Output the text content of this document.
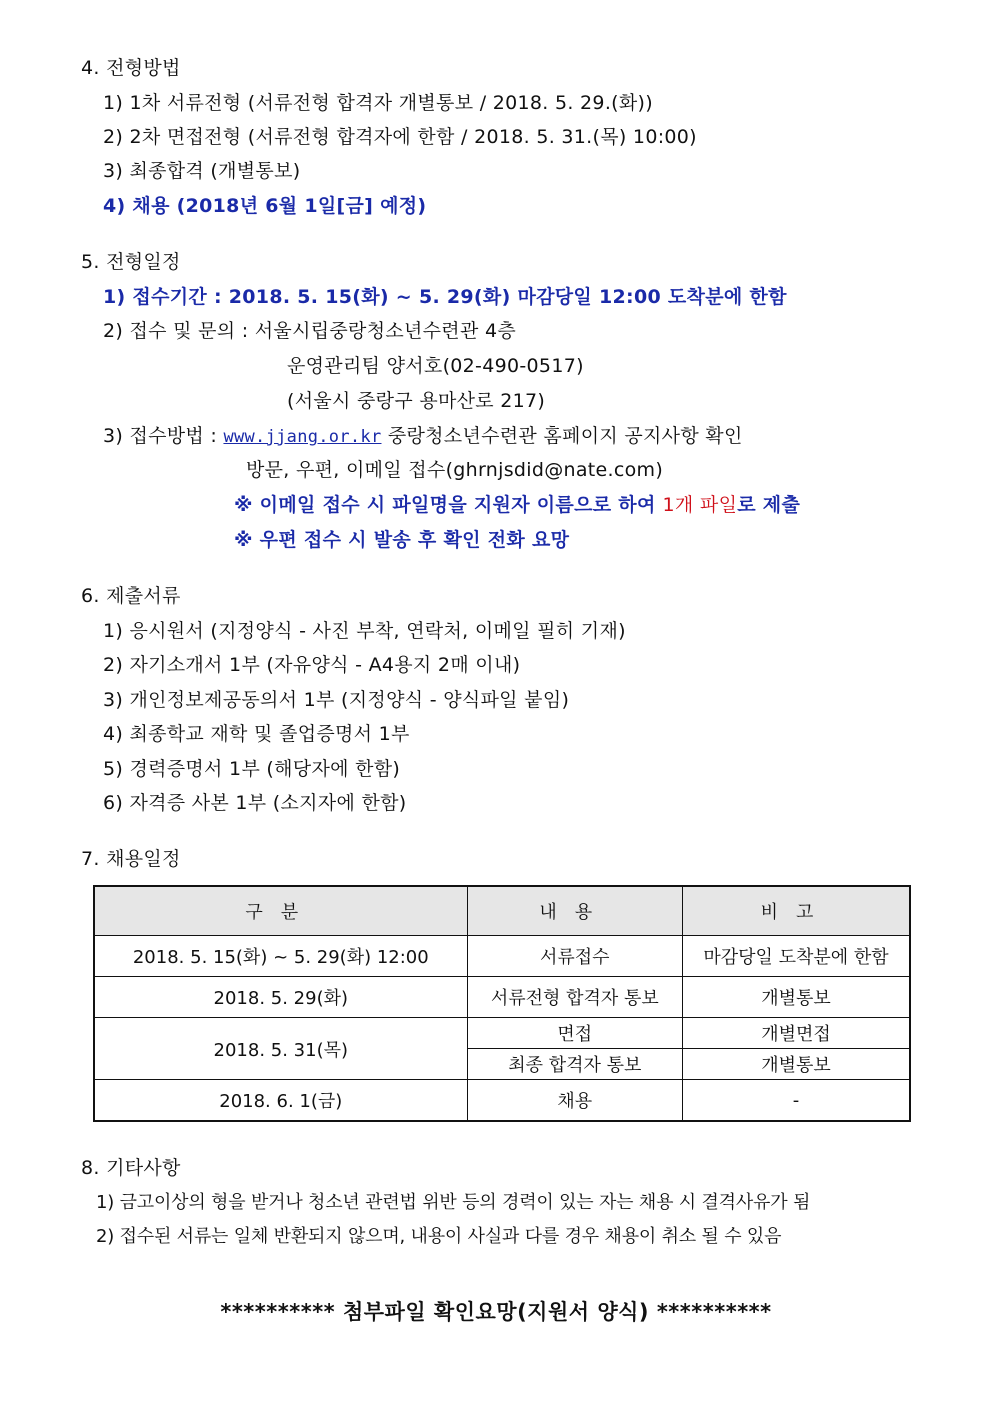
4. 전형방법
1) 1차 서류전형 (서류전형 합격자 개별통보 / 2018. 5. 29.(화))
2) 2차 면접전형 (서류전형 합격자에 한함 / 2018. 5. 31.(목) 10:00)
3) 최종합격 (개별통보)
4) 채용 (2018년 6월 1일[금] 예정)
5. 전형일정
1) 접수기간 : 2018. 5. 15(화) ~ 5. 29(화) 마감당일 12:00 도착분에 한함
2) 접수 및 문의 : 서울시립중랑청소년수련관 4층
운영관리팀 양서호(02-490-0517)
(서울시 중랑구 용마산로 217)
3) 접수방법 : www.jjang.or.kr 중랑청소년수련관 홈페이지 공지사항 확인
방문, 우편, 이메일 접수(ghrnjsdid@nate.com)
※ 이메일 접수 시 파일명을 지원자 이름으로 하여 1개 파일로 제출
※ 우편 접수 시 발송 후 확인 전화 요망
6. 제출서류
1) 응시원서 (지정양식 - 사진 부착, 연락처, 이메일 필히 기재)
2) 자기소개서 1부 (자유양식 - A4용지 2매 이내)
3) 개인정보제공동의서 1부 (지정양식 - 양식파일 붙임)
4) 최종학교 재학 및 졸업증명서 1부
5) 경력증명서 1부 (해당자에 한함)
6) 자격증 사본 1부 (소지자에 한함)
7. 채용일정
구분	내용	비고
2018. 5. 15(화) ~ 5. 29(화) 12:00	서류접수	마감당일 도착분에 한함
2018. 5. 29(화)	서류전형 합격자 통보	개별통보
2018. 5. 31(목)	면접	개별면접
	최종 합격자 통보	개별통보
2018. 6. 1(금)	채용	-
8. 기타사항
1) 금고이상의 형을 받거나 청소년 관련법 위반 등의 경력이 있는 자는 채용 시 결격사유가 됨
2) 접수된 서류는 일체 반환되지 않으며, 내용이 사실과 다를 경우 채용이 취소 될 수 있음
********** 첨부파일 확인요망(지원서 양식) **********
